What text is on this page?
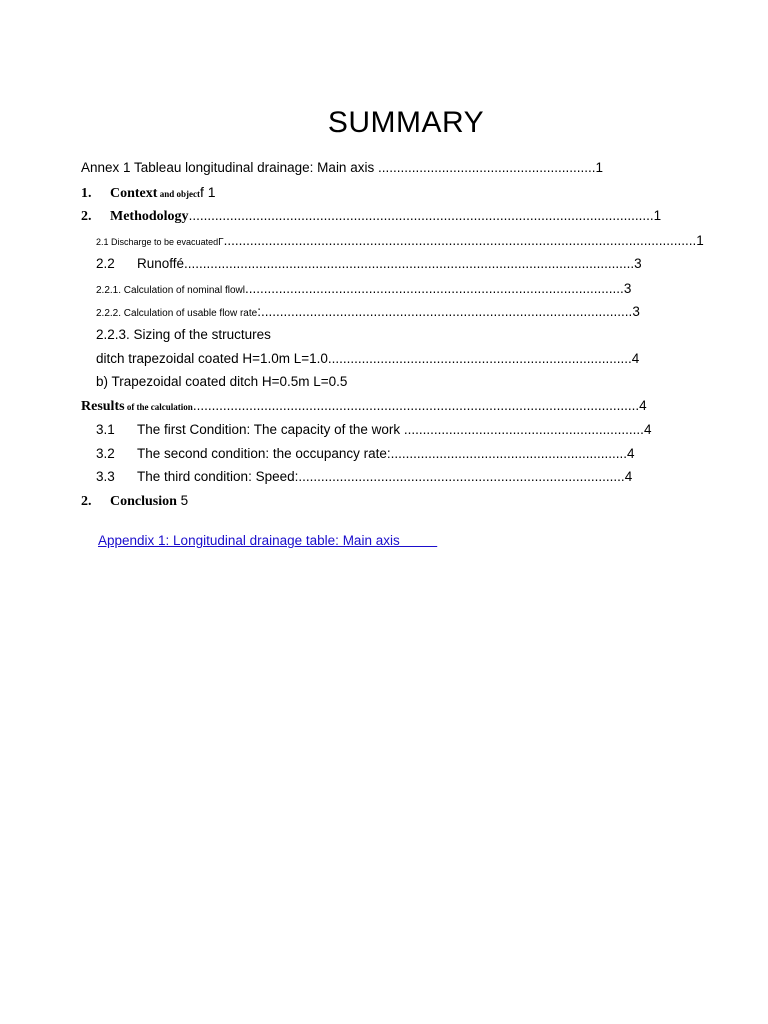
SUMMARY
Annex 1 Tableau longitudinal drainage: Main axis ..........................................................1
1. Context and objectf 1
2. Methodology............................................................................................................................1
2.1 Discharge to be evacuatedΓ..............................................................................................................................1
2.2 Runoffé........................................................................................................................3
2.2.1. Calculation of nominal flowl.....................................................................................................3
2.2.2. Calculation of usable flow rate:...................................................................................................3
2.2.3. Sizing of the structures
ditch trapezoidal coated H=1.0m L=1.0.................................................................................4
b) Trapezoidal coated ditch H=0.5m L=0.5
Results of the calculation.......................................................................................................................4
3.1 The first Condition: The capacity of the work ................................................................4
3.2 The second condition: the occupancy rate:...............................................................4
3.3 The third condition: Speed:.......................................................................................4
2. Conclusion 5
Appendix 1: Longitudinal drainage table: Main axis
